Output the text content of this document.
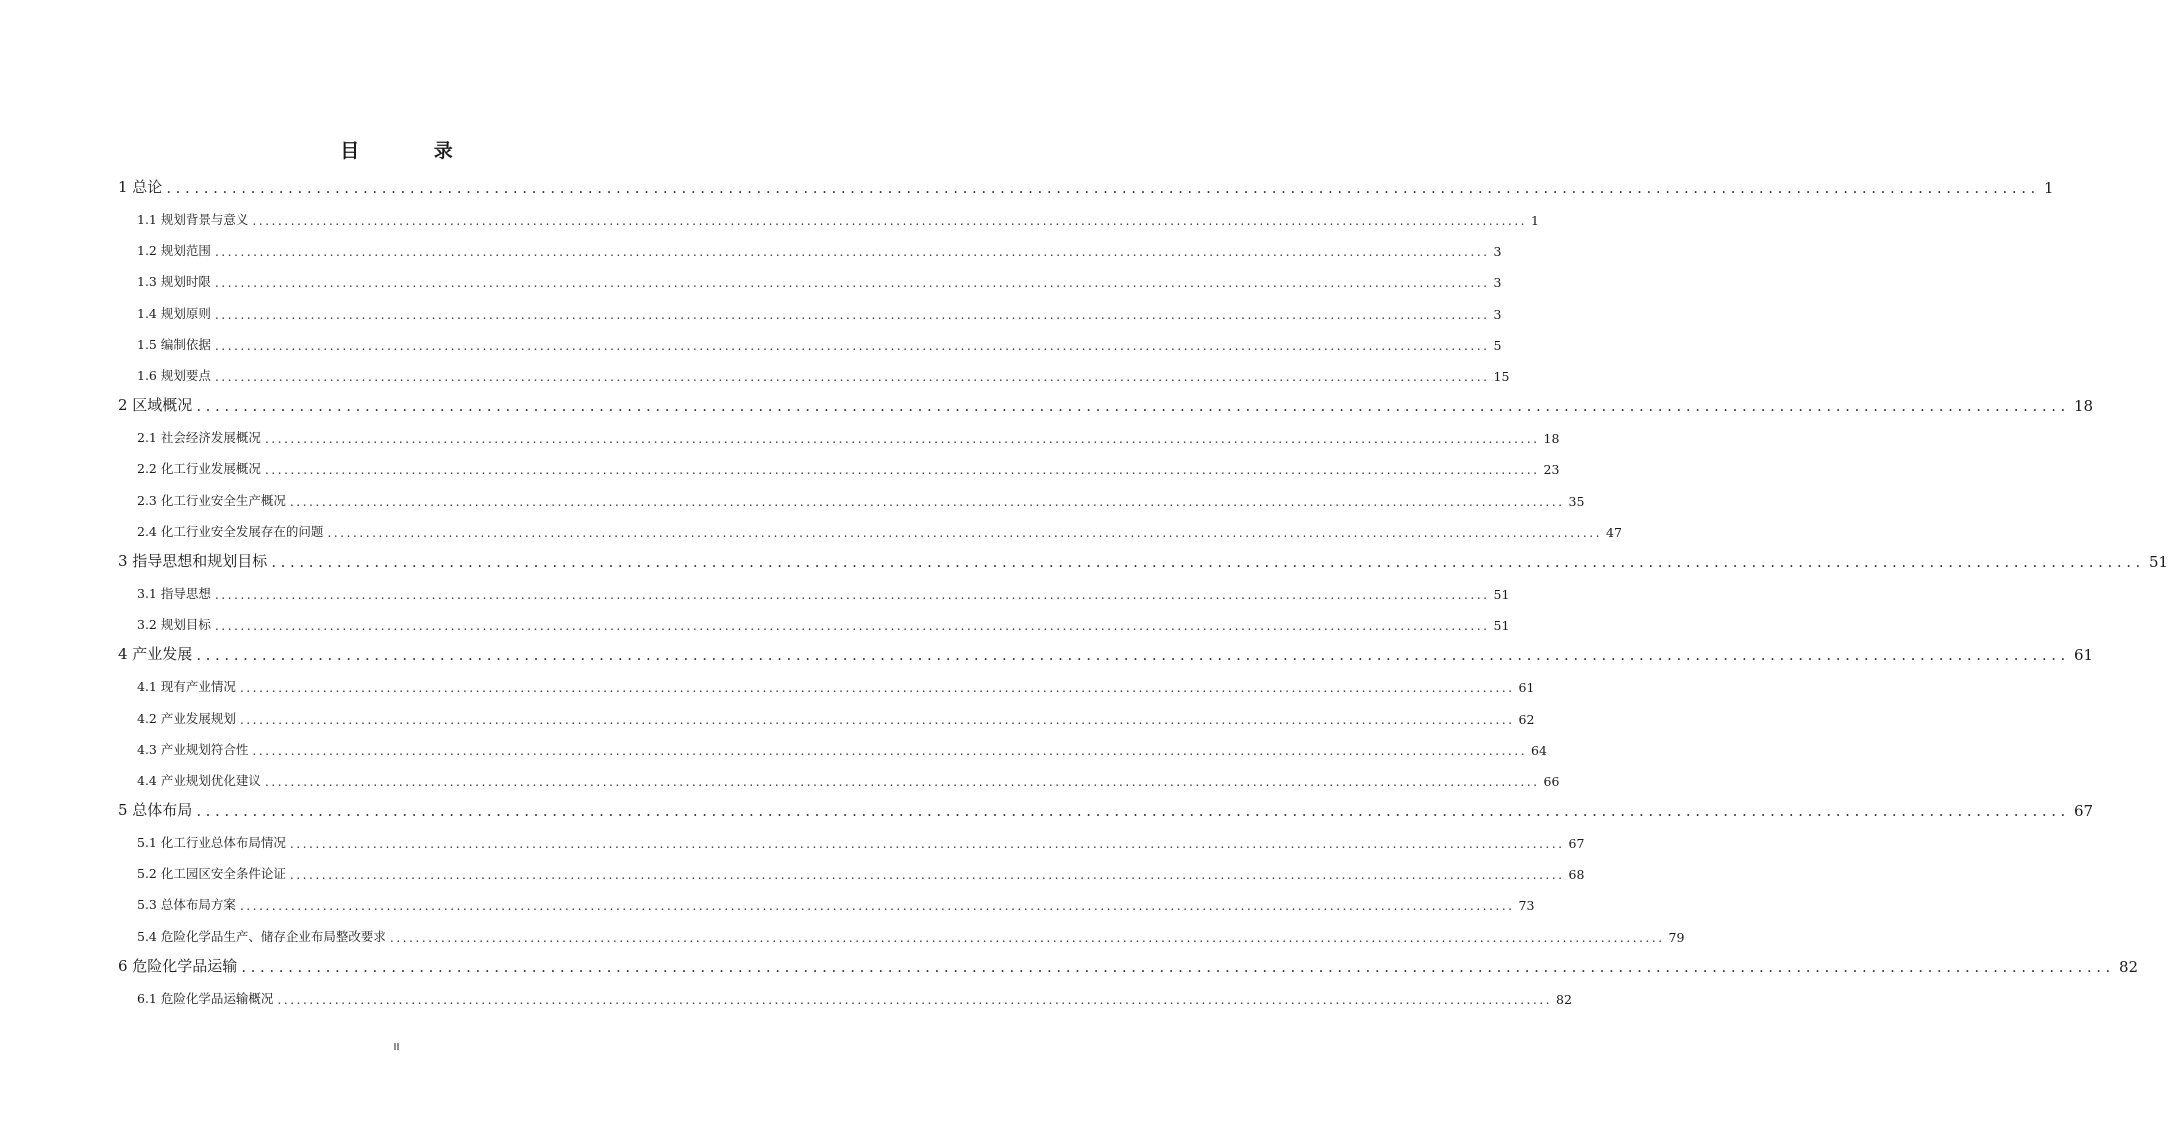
目 录
1 总论 ........................................................................................................................................................................................................ 1
1.1 规划背景与意义 ........................................................................................................................................................................................................ 1
1.2 规划范围 ........................................................................................................................................................................................................ 3
1.3 规划时限 ........................................................................................................................................................................................................ 3
1.4 规划原则 ........................................................................................................................................................................................................ 3
1.5 编制依据 ........................................................................................................................................................................................................ 5
1.6 规划要点 ........................................................................................................................................................................................................ 15
2 区域概况 ........................................................................................................................................................................................................ 18
2.1 社会经济发展概况 ........................................................................................................................................................................................................ 18
2.2 化工行业发展概况 ........................................................................................................................................................................................................ 23
2.3 化工行业安全生产概况 ........................................................................................................................................................................................................ 35
2.4 化工行业安全发展存在的问题 ........................................................................................................................................................................................................ 47
3 指导思想和规划目标 ........................................................................................................................................................................................................ 51
3.1 指导思想 ........................................................................................................................................................................................................ 51
3.2 规划目标 ........................................................................................................................................................................................................ 51
4 产业发展 ........................................................................................................................................................................................................ 61
4.1 现有产业情况 ........................................................................................................................................................................................................ 61
4.2 产业发展规划 ........................................................................................................................................................................................................ 62
4.3 产业规划符合性 ........................................................................................................................................................................................................ 64
4.4 产业规划优化建议 ........................................................................................................................................................................................................ 66
5 总体布局 ........................................................................................................................................................................................................ 67
5.1 化工行业总体布局情况 ........................................................................................................................................................................................................ 67
5.2 化工园区安全条件论证 ........................................................................................................................................................................................................ 68
5.3 总体布局方案 ........................................................................................................................................................................................................ 73
5.4 危险化学品生产、储存企业布局整改要求 ........................................................................................................................................................................................................ 79
6 危险化学品运输 ........................................................................................................................................................................................................ 82
6.1 危险化学品运输概况 ........................................................................................................................................................................................................ 82
II
